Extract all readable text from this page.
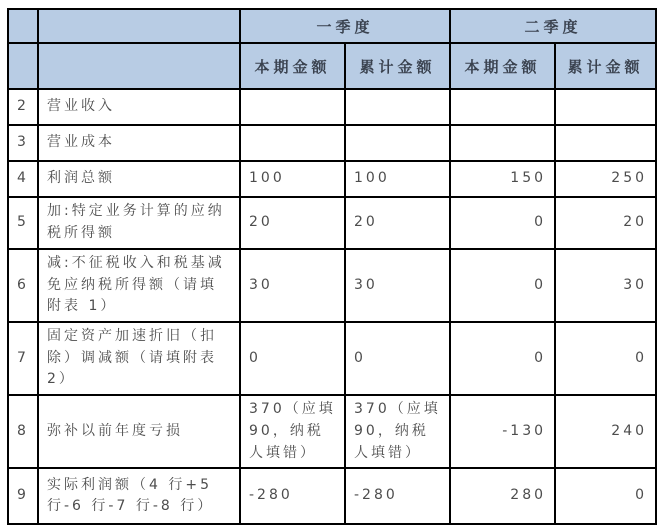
		一季度		二季度	
		本期金额	累计金额	本期金额	累计金额
2	营业收入				
3	营业成本				
4	利润总额	100	100	150	250
5	加:特定业务计算的应纳税所得额	20	20	0	20
6	减:不征税收入和税基减免应纳税所得额（请填附表 1）	30	30	0	30
7	固定资产加速折旧（扣除）调减额（请填附表 2）	0	0	0	0
8	弥补以前年度亏损	370（应填90，纳税人填错）	370（应填90，纳税人填错）	-130	240
9	实际利润额（4 行+5 行-6 行-7 行-8 行）	-280	-280	280	0
